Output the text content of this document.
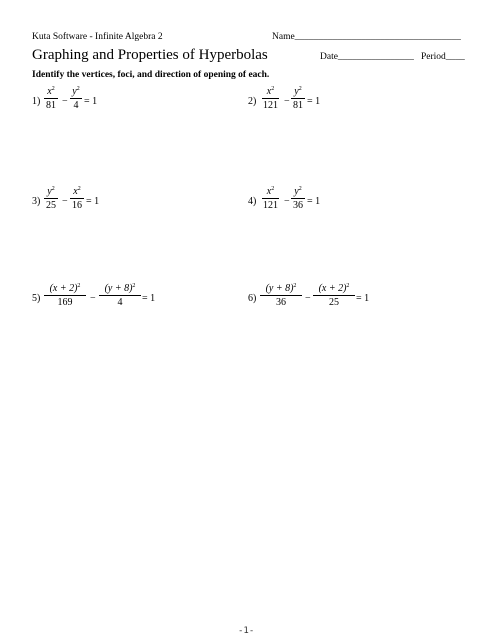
Kuta Software - Infinite Algebra 2	Name___________________________________
Graphing and Properties of Hyperbolas	Date________________ Period____
Identify the vertices, foci, and direction of opening of each.
1)
$x^2$
81 −
$y^2$
4 = 1	2)
$x^2$
121 −
$y^2$
81 = 1
3)
$y^2$
25 −
$x^2$
16 = 1	4)
$x^2$
121 −
$y^2$
36 = 1
5)
$(x + 2)^2$
169	−
$(y + 8)^2$
4	= 1	6)
$(y + 8)^2$
36	−
$(x + 2)^2$
25	= 1
-1-
